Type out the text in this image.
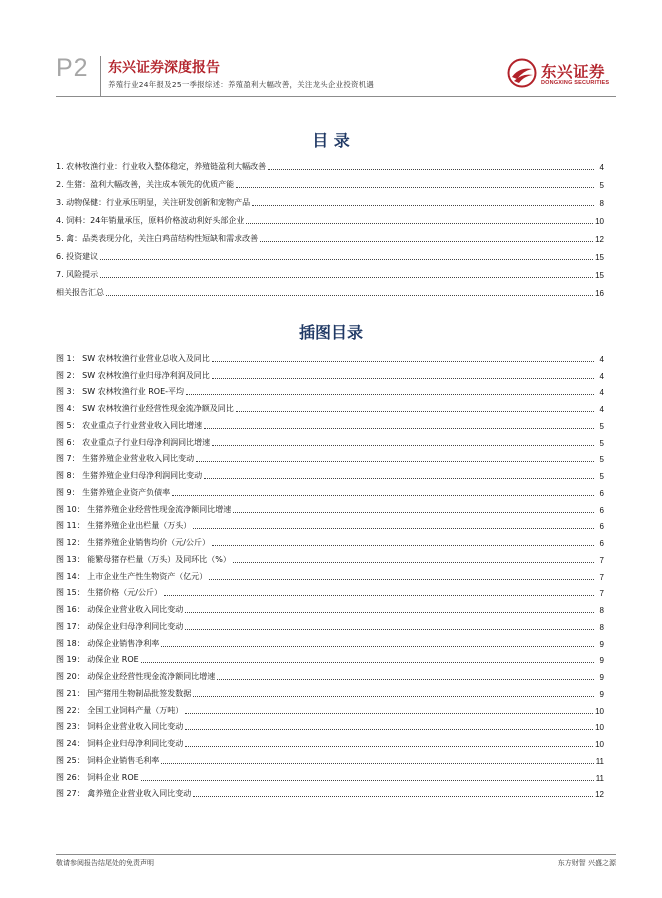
P2 东兴证券深度报告
养殖行业24年报及25一季报综述：养殖盈利大幅改善，关注龙头企业投资机遇
东兴证券
DONGXING SECURITIES
目 录
1. 农林牧渔行业：行业收入整体稳定，养殖链盈利大幅改善	4
2. 生猪：盈利大幅改善，关注成本领先的优质产能	5
3. 动物保健：行业承压明显，关注研发创新和宠物产品	8
4. 饲料：24年销量承压，原料价格波动利好头部企业	10
5. 禽：品类表现分化，关注白鸡苗结构性短缺和需求改善	12
6. 投资建议	15
7. 风险提示	15
相关报告汇总	16
插图目录
图 1： SW 农林牧渔行业营业总收入及同比	4
图 2： SW 农林牧渔行业归母净利润及同比	4
图 3： SW 农林牧渔行业 ROE-平均	4
图 4： SW 农林牧渔行业经营性现金流净额及同比	4
图 5： 农业重点子行业营业收入同比增速	5
图 6： 农业重点子行业归母净利润同比增速	5
图 7： 生猪养殖企业营业收入同比变动	5
图 8： 生猪养殖企业归母净利润同比变动	5
图 9： 生猪养殖企业资产负债率	6
图 10： 生猪养殖企业经营性现金流净额同比增速	6
图 11： 生猪养殖企业出栏量（万头）	6
图 12： 生猪养殖企业销售均价（元/公斤）	6
图 13： 能繁母猪存栏量（万头）及同环比（%）	7
图 14： 上市企业生产性生物资产（亿元）	7
图 15： 生猪价格（元/公斤）	7
图 16： 动保企业营业收入同比变动	8
图 17： 动保企业归母净利同比变动	8
图 18： 动保企业销售净利率	9
图 19： 动保企业 ROE	9
图 20： 动保企业经营性现金流净额同比增速	9
图 21： 国产猪用生物制品批签发数据	9
图 22： 全国工业饲料产量（万吨）	10
图 23： 饲料企业营业收入同比变动	10
图 24： 饲料企业归母净利同比变动	10
图 25： 饲料企业销售毛利率	11
图 26： 饲料企业 ROE	11
图 27： 禽养殖企业营业收入同比变动	12
敬请参阅报告结尾处的免责声明	东方财智 兴盛之源
